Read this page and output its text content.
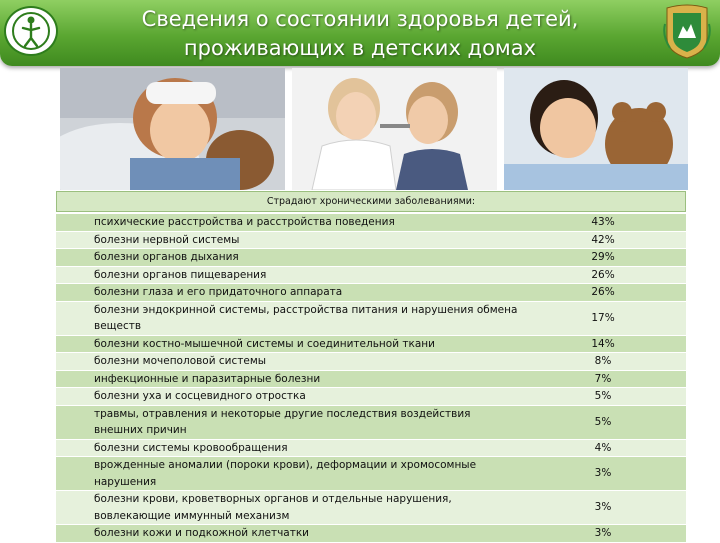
Сведения о состоянии здоровья детей,
проживающих в детских домах
Страдают хроническими заболеваниями:
психические расстройства и расстройства поведения	43%
болезни нервной системы	42%
болезни органов дыхания	29%
болезни органов пищеварения	26%
болезни глаза и его придаточного аппарата	26%
болезни эндокринной системы, расстройства питания и нарушения обмена веществ	17%
болезни костно-мышечной системы и соединительной ткани	14%
болезни мочеполовой системы	8%
инфекционные и паразитарные болезни	7%
болезни уха и сосцевидного отростка	5%
травмы, отравления и некоторые другие последствия воздействия внешних причин	5%
болезни системы кровообращения	4%
врожденные аномалии (пороки крови), деформации и хромосомные нарушения	3%
болезни крови, кроветворных органов и отдельные нарушения, вовлекающие иммунный механизм	3%
болезни кожи и подкожной клетчатки	3%
